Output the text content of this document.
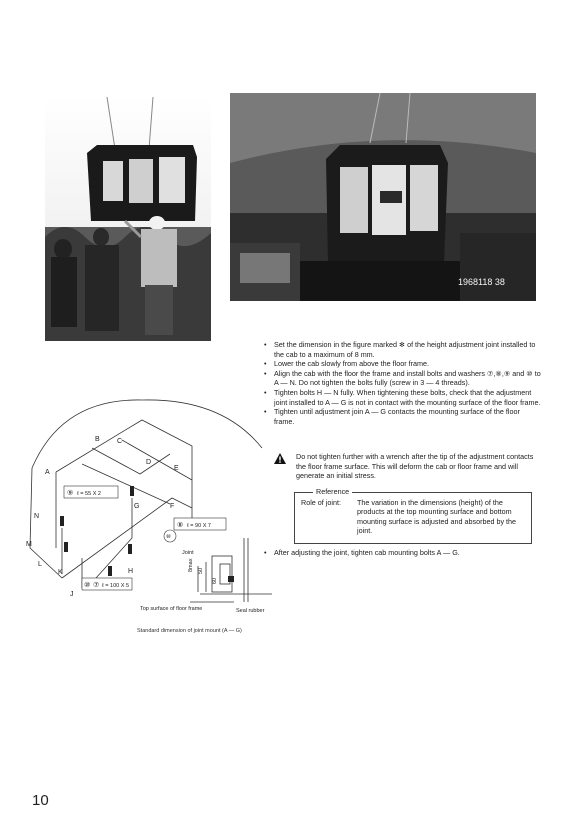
1968118 38
• Set the dimension in the figure marked ✻ of the height adjustment joint installed to the cab to a maximum of 8 mm.
• Lower the cab slowly from above the floor frame.
• Align the cab with the floor the frame and install bolts and washers ⑦,⑧,⑨ and ⑩ to A — N. Do not tighten the bolts fully (screw in 3 — 4 threads).
• Tighten bolts H — N fully. When tightening these bolts, check that the adjustment joint installed to A — G is not in contact with the mounting surface of the floor frame.
• Tighten until adjustment join A — G contacts the mounting surface of the floor frame.

Do not tighten further with a wrench after the tip of the adjustment contacts the floor frame surface. This will deform the cab or floor frame and will generate an initial stress.

Reference
Role of joint: The variation in the dimensions (height) of the products at the top mounting surface and bottom mounting surface is adjusted and absorbed by the joint.
• After adjusting the joint, tighten cab mounting bolts A — G.
A
B C
D
E
F
G
H
J
K
L
M
N
⑨ ℓ = 55 X 2
⑧ ℓ = 90 X 7
⑩
⑩ ⑦ ℓ = 100 X 5
Joint
50
60
8max
Top surface of floor frame	Seal rubber
Standard dimension of joint mount (A — G)
10
